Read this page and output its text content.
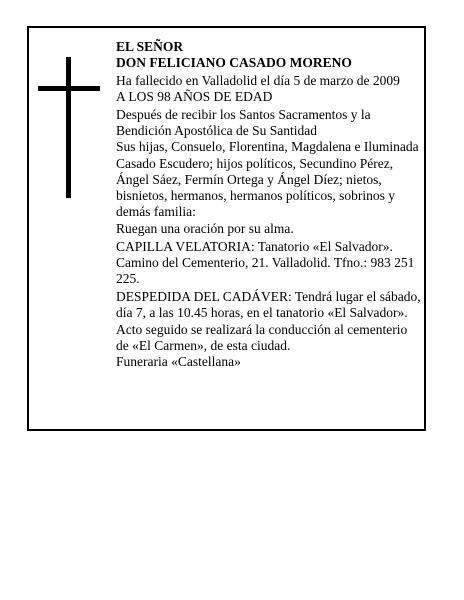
EL SEÑOR

DON FELICIANO CASADO MORENO

Ha fallecido en Valladolid el día 5 de marzo de 2009

A LOS 98 AÑOS DE EDAD

Después de recibir los Santos Sacramentos y la Bendición Apostólica de Su Santidad

Sus hijas, Consuelo, Florentina, Magdalena e Iluminada Casado Escudero; hijos políticos, Secundino Pérez, Ángel Sáez, Fermín Ortega y Ángel Díez; nietos, bisnietos, hermanos, hermanos políticos, sobrinos y demás familia:

Ruegan una oración por su alma.

CAPILLA VELATORIA: Tanatorio «El Salvador». Camino del Cementerio, 21. Valladolid. Tfno.: 983 251 225.

DESPEDIDA DEL CADÁVER: Tendrá lugar el sábado, día 7, a las 10.45 horas, en el tanatorio «El Salvador». Acto seguido se realizará la conducción al cementerio de «El Carmen», de esta ciudad.

Funeraria «Castellana»
